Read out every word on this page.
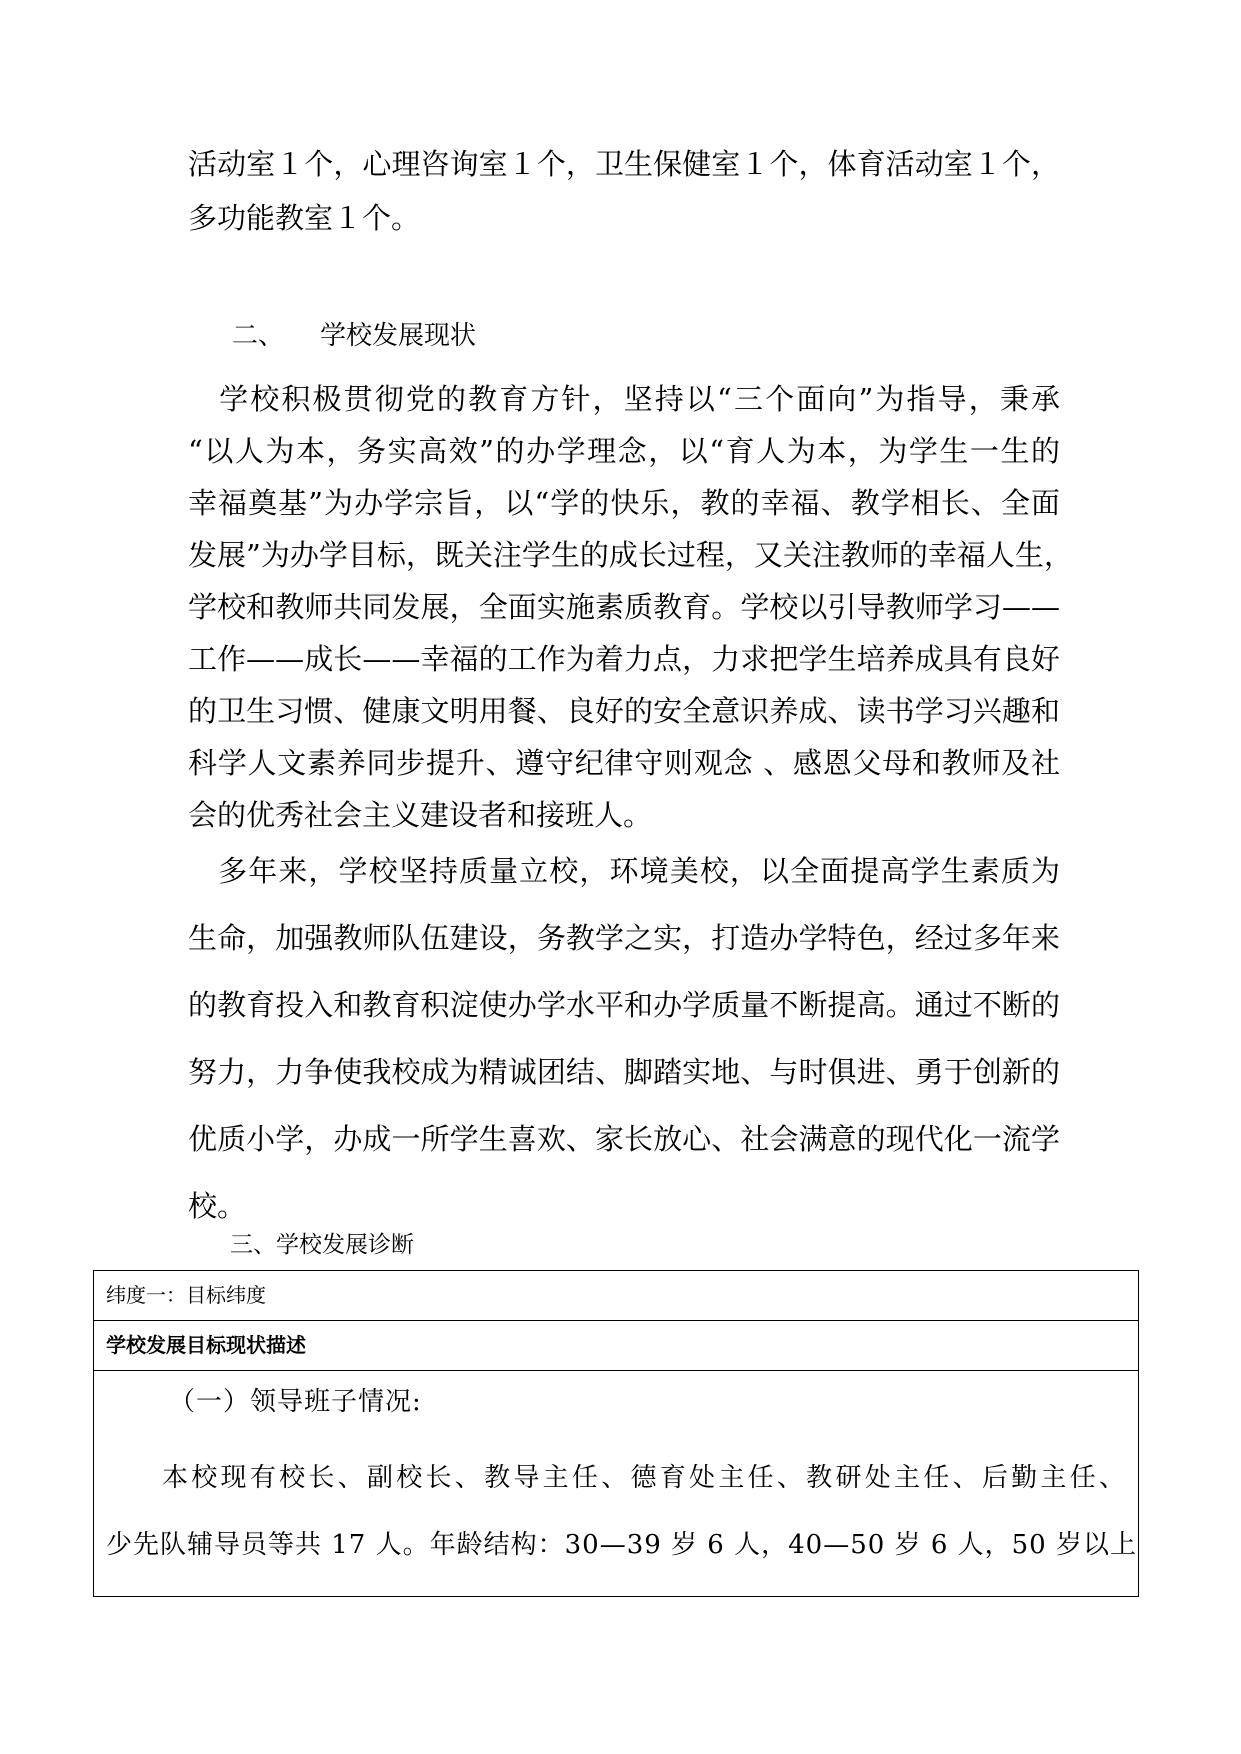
活动室１个，心理咨询室１个，卫生保健室１个，体育活动室１个，
多功能教室１个。
二、 学校发展现状
　学校积极贯彻党的教育方针，坚持以“三个面向”为指导，秉承
“以人为本，务实高效”的办学理念，以“育人为本，为学生一生的
幸福奠基”为办学宗旨，以“学的快乐，教的幸福、教学相长、全面
发展”为办学目标，既关注学生的成长过程，又关注教师的幸福人生，
学校和教师共同发展，全面实施素质教育。学校以引导教师学习——
工作——成长——幸福的工作为着力点，力求把学生培养成具有良好
的卫生习惯、健康文明用餐、良好的安全意识养成、读书学习兴趣和
科学人文素养同步提升、遵守纪律守则观念 、感恩父母和教师及社
会的优秀社会主义建设者和接班人。
　多年来，学校坚持质量立校，环境美校，以全面提高学生素质为
生命，加强教师队伍建设，务教学之实，打造办学特色，经过多年来
的教育投入和教育积淀使办学水平和办学质量不断提高。通过不断的
努力，力争使我校成为精诚团结、脚踏实地、与时俱进、勇于创新的
优质小学，办成一所学生喜欢、家长放心、社会满意的现代化一流学
校。
三、学校发展诊断
纬度一：目标纬度
学校发展目标现状描述
（一）领导班子情况:
本校现有校长、副校长、教导主任、德育处主任、教研处主任、后勤主任、
少先队辅导员等共 17 人。年龄结构：30—39 岁 6 人，40—50 岁 6 人，50 岁以上
